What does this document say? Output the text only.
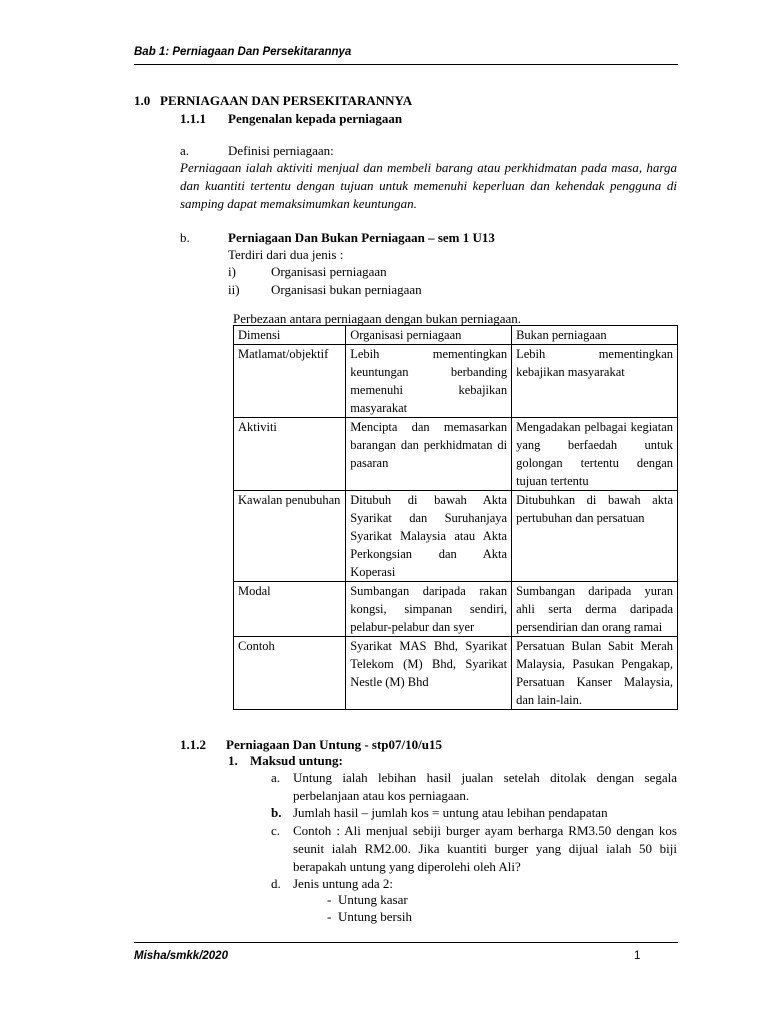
Bab 1: Perniagaan Dan Persekitarannya
1.0 PERNIAGAAN DAN PERSEKITARANNYA
1.1.1 Pengenalan kepada perniagaan
a.	Definisi perniagaan:
Perniagaan ialah aktiviti menjual dan membeli barang atau perkhidmatan pada masa, harga dan kuantiti tertentu dengan tujuan untuk memenuhi keperluan dan kehendak pengguna di samping dapat memaksimumkan keuntungan.
b.	Perniagaan Dan Bukan Perniagaan – sem 1 U13
Terdiri dari dua jenis :
i)	Organisasi perniagaan
ii) Organisasi bukan perniagaan
Perbezaan antara perniagaan dengan bukan perniagaan.
Dimensi	Organisasi perniagaan	Bukan perniagaan
Matlamat/objektif	Lebih mementingkan keuntungan berbanding memenuhi kebajikan masyarakat	Lebih mementingkan kebajikan masyarakat
Aktiviti	Mencipta dan memasarkan barangan dan perkhidmatan di pasaran	Mengadakan pelbagai kegiatan yang berfaedah untuk golongan tertentu dengan tujuan tertentu
Kawalan penubuhan	Ditubuh di bawah Akta Syarikat dan Suruhanjaya Syarikat Malaysia atau Akta Perkongsian dan Akta Koperasi	Ditubuhkan di bawah akta pertubuhan dan persatuan
Modal	Sumbangan daripada rakan kongsi, simpanan sendiri, pelabur-pelabur dan syer	Sumbangan daripada yuran ahli serta derma daripada persendirian dan orang ramai
Contoh	Syarikat MAS Bhd, Syarikat Telekom (M) Bhd, Syarikat Nestle (M) Bhd	Persatuan Bulan Sabit Merah Malaysia, Pasukan Pengakap, Persatuan Kanser Malaysia, dan lain-lain.
1.1.2 Perniagaan Dan Untung - stp07/10/u15
1. Maksud untung:
a. Untung ialah lebihan hasil jualan setelah ditolak dengan segala perbelanjaan atau kos perniagaan.
b. Jumlah hasil – jumlah kos = untung atau lebihan pendapatan
c. Contoh : Ali menjual sebiji burger ayam berharga RM3.50 dengan kos seunit ialah RM2.00. Jika kuantiti burger yang dijual ialah 50 biji berapakah untung yang diperolehi oleh Ali?
d. Jenis untung ada 2:
- Untung kasar
- Untung bersih
Misha/smkk/2020	1
